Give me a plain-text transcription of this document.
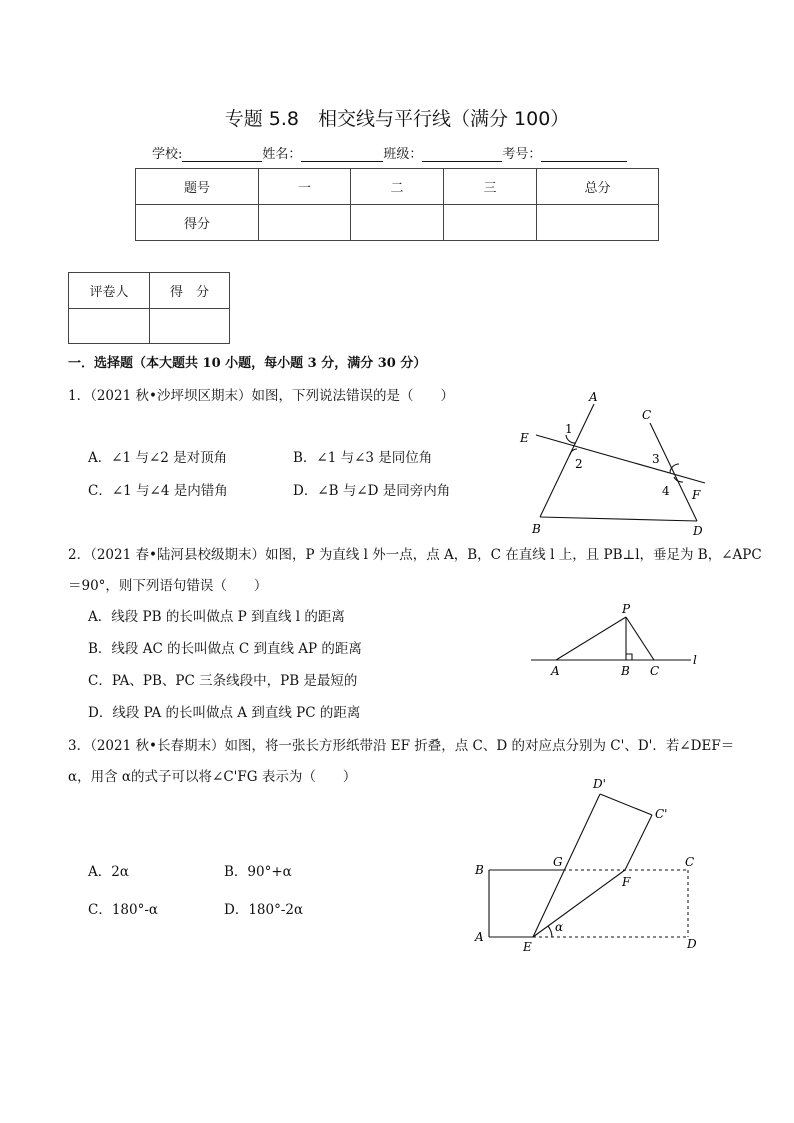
专题 5.8　相交线与平行线（满分 100）
学校:	姓名：	班级：	考号：
题号	一	二	三	总分
得分				
评卷人	得　分

一．选择题（本大题共 10 小题，每小题 3 分，满分 30 分）
1．（2021 秋•沙坪坝区期末）如图，下列说法错误的是（　　）
A．∠1 与∠2 是对顶角	B．∠1 与∠3 是同位角
C．∠1 与∠4 是内错角	D．∠B 与∠D 是同旁内角
A
C
E
F
B	D
1
2	3
4
2．（2021 春•陆河县校级期末）如图，P 为直线 l 外一点，点 A，B，C 在直线 l 上，且 PB⊥l，垂足为 B，∠APC
＝90°，则下列语句错误（　　）
A．线段 PB 的长叫做点 P 到直线 l 的距离
B．线段 AC 的长叫做点 C 到直线 AP 的距离
C．PA、PB、PC 三条线段中，PB 是最短的
D．线段 PA 的长叫做点 A 到直线 PC 的距离
P
A	B C
l
3．（2021 秋•长春期末）如图，将一张长方形纸带沿 EF 折叠，点 C、D 的对应点分别为 C'、D'．若∠DEF＝
α，用含 α的式子可以将∠C'FG 表示为（　　）
A．2α	B．90°+α
C．180°-α	D．180°-2α
D'
C'
B
G	C
F
A
E	D
α
